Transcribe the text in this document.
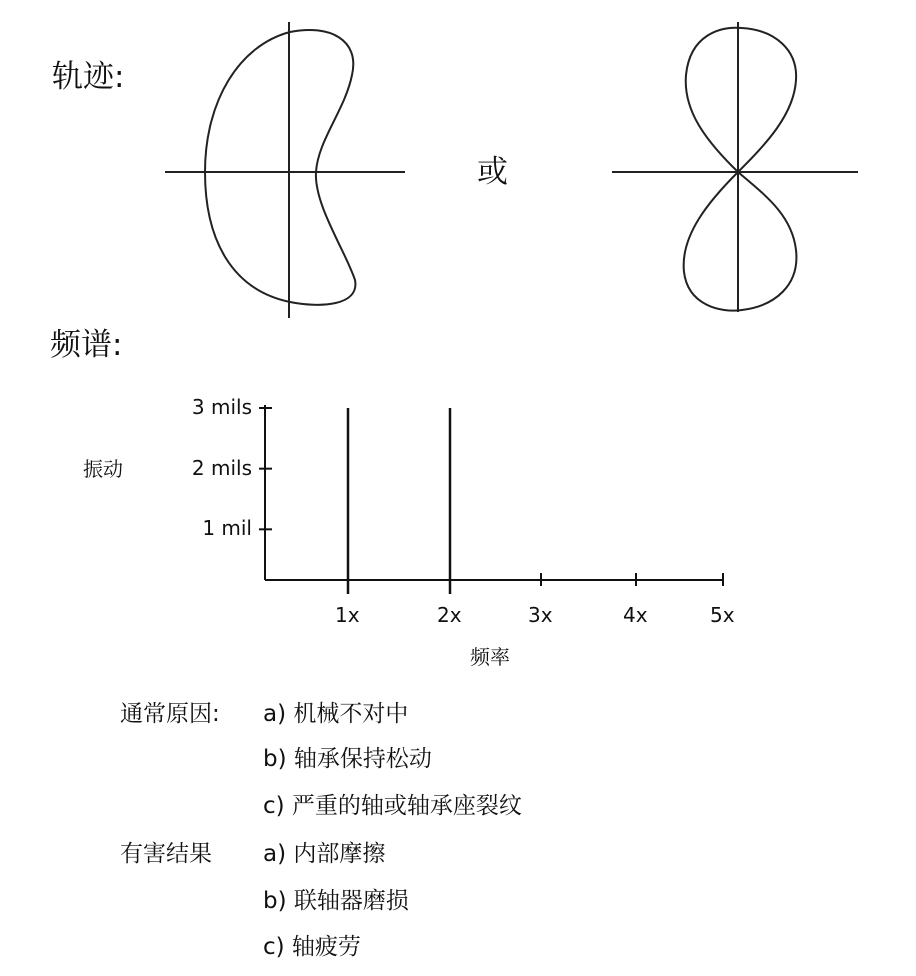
轨迹:
或
频谱:
1 mil
2 mils
3 mils
1x	2x	3x	4x	5x
振动
频率
通常原因: a) 机械不对中
b) 轴承保持松动
c) 严重的轴或轴承座裂纹
有害结果 a) 内部摩擦
b) 联轴器磨损
c) 轴疲劳
